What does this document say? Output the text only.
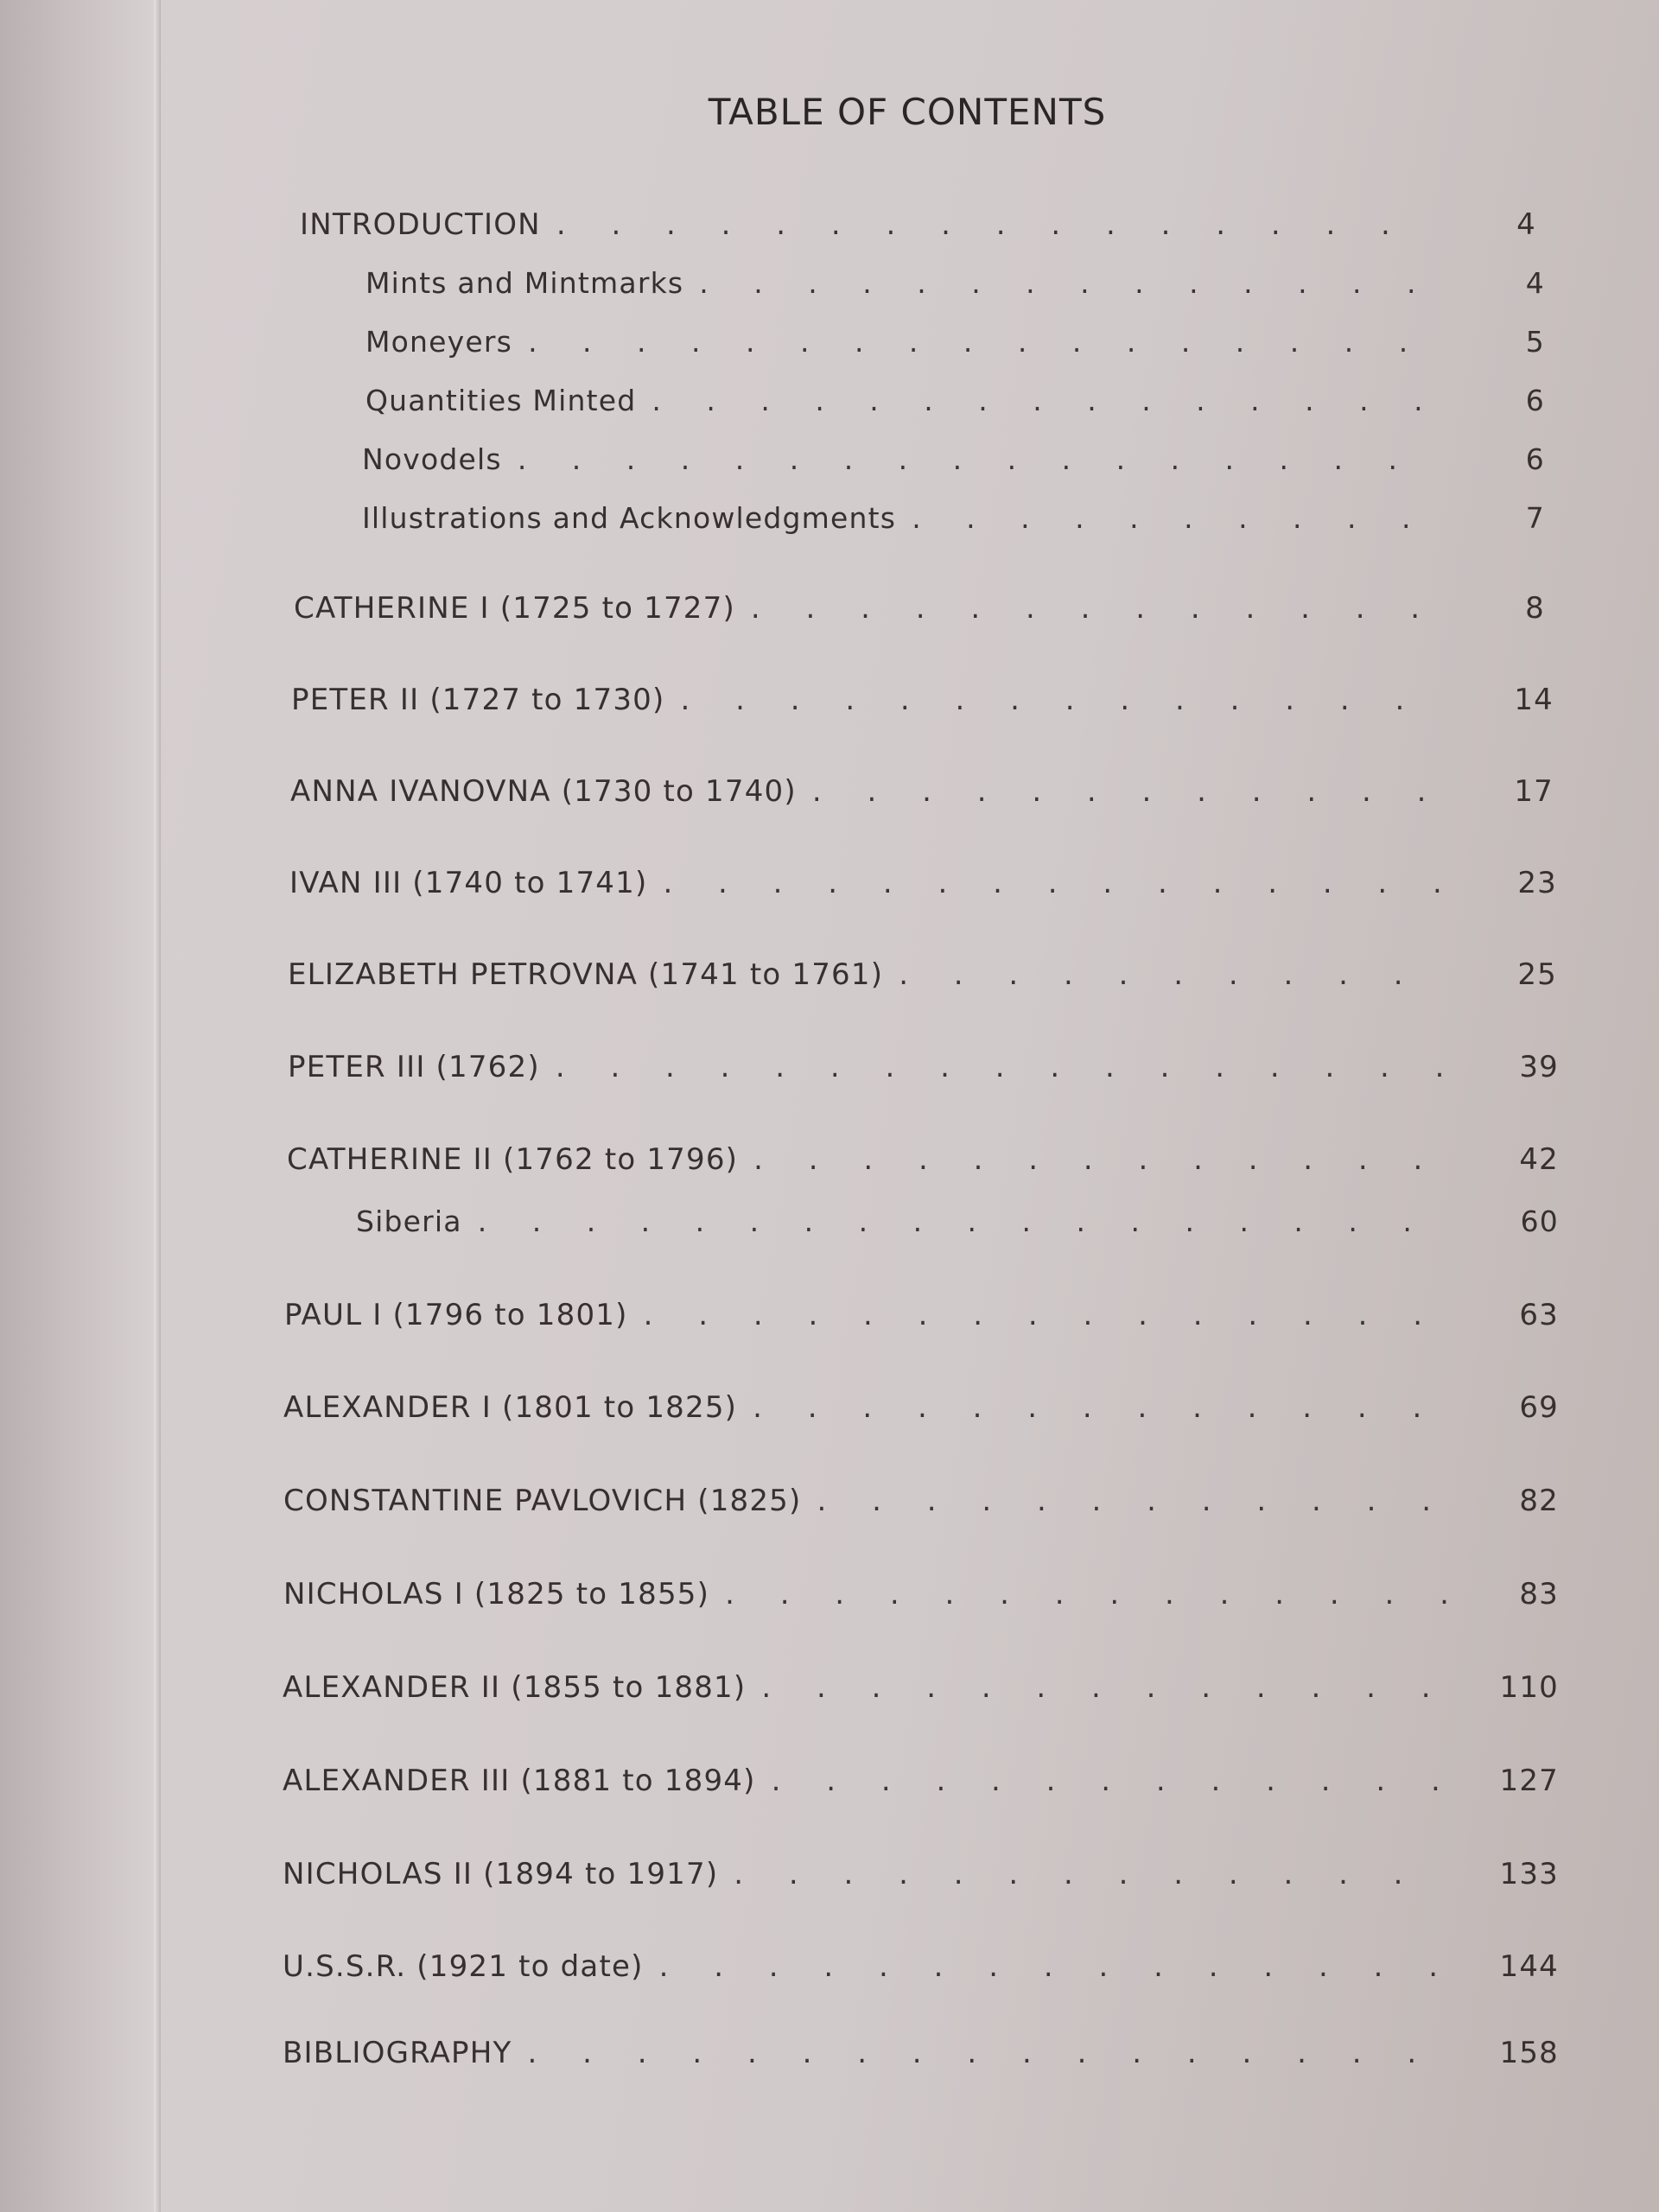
TABLE OF CONTENTS
INTRODUCTION . . .	4
Mints and Mintmarks . . .	4
Moneyers . . .	5
Quantities Minted . . .	6
Novodels . . .	6
Illustrations and Acknowledgments . . .	7
CATHERINE I (1725 to 1727) . . .	8
PETER II (1727 to 1730) . . .	14
ANNA IVANOVNA (1730 to 1740) . . .	17
IVAN III (1740 to 1741) . . .	23
ELIZABETH PETROVNA (1741 to 1761) . . .	25
PETER III (1762) . . .	39
CATHERINE II (1762 to 1796) . . .	42
Siberia . . .	60
PAUL I (1796 to 1801) . . .	63
ALEXANDER I (1801 to 1825) . . .	69
CONSTANTINE PAVLOVICH (1825) . . .	82
NICHOLAS I (1825 to 1855) . . .	83
ALEXANDER II (1855 to 1881) . . .	110
ALEXANDER III (1881 to 1894) . . .	127
NICHOLAS II (1894 to 1917) . . .	133
U.S.S.R. (1921 to date) . . .	144
BIBLIOGRAPHY . . .	158
